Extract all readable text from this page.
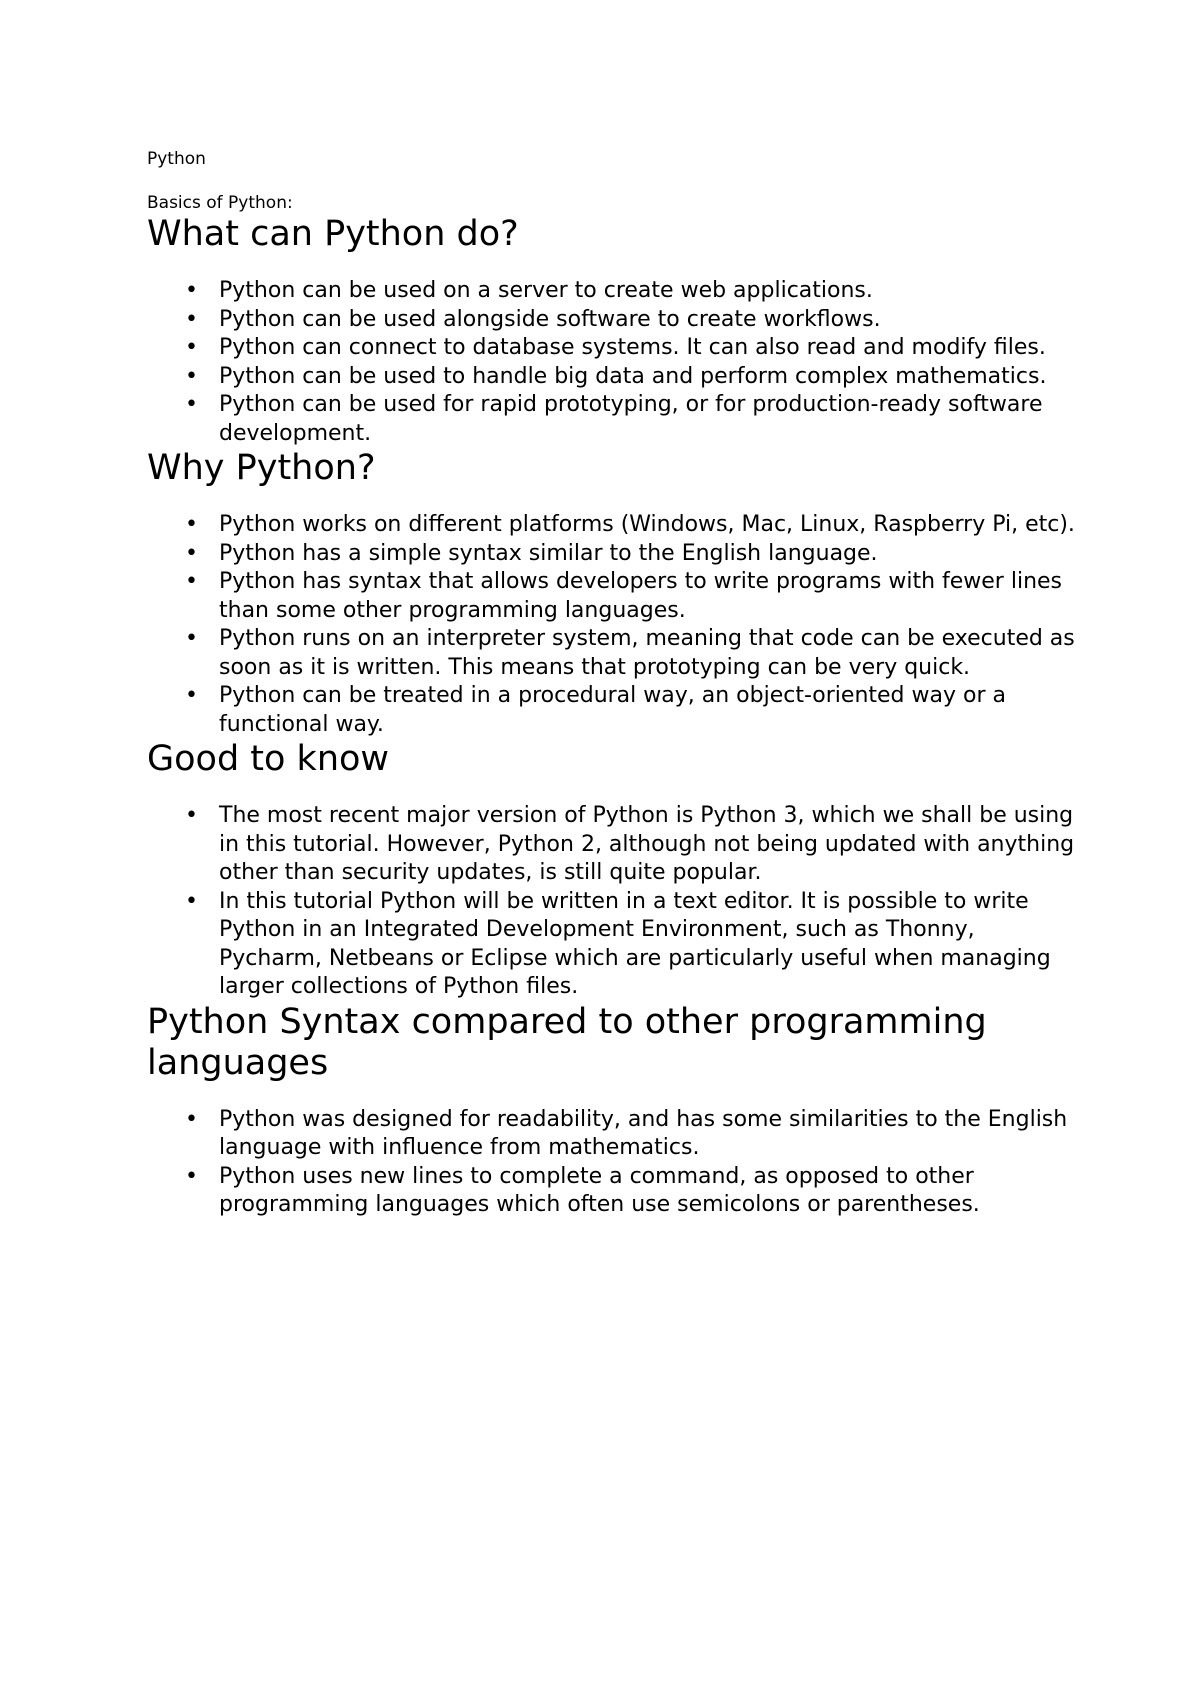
Python

Basics of Python:

What can Python do?
• Python can be used on a server to create web applications.
• Python can be used alongside software to create workflows.
• Python can connect to database systems. It can also read and modify files.
• Python can be used to handle big data and perform complex mathematics.
• Python can be used for rapid prototyping, or for production-ready software development.
Why Python?
• Python works on different platforms (Windows, Mac, Linux, Raspberry Pi, etc).
• Python has a simple syntax similar to the English language.
• Python has syntax that allows developers to write programs with fewer lines than some other programming languages.
• Python runs on an interpreter system, meaning that code can be executed as soon as it is written. This means that prototyping can be very quick.
• Python can be treated in a procedural way, an object-oriented way or a functional way.
Good to know
• The most recent major version of Python is Python 3, which we shall be using in this tutorial. However, Python 2, although not being updated with anything other than security updates, is still quite popular.
• In this tutorial Python will be written in a text editor. It is possible to write Python in an Integrated Development Environment, such as Thonny, Pycharm, Netbeans or Eclipse which are particularly useful when managing larger collections of Python files.
Python Syntax compared to other programming languages
• Python was designed for readability, and has some similarities to the English language with influence from mathematics.
• Python uses new lines to complete a command, as opposed to other programming languages which often use semicolons or parentheses.
